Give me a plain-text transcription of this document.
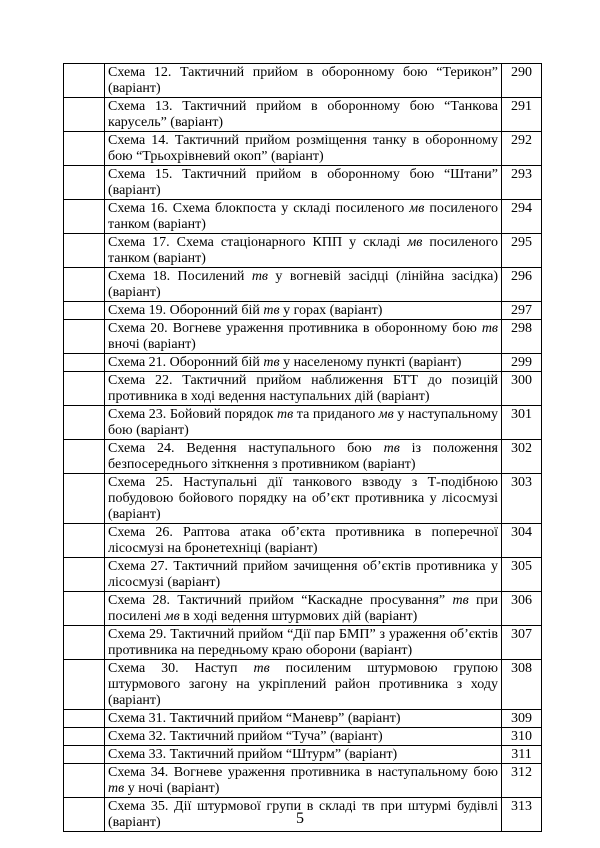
	Схема 12. Тактичний прийом в оборонному бою “Терикон” (варіант)	290
	Схема 13. Тактичний прийом в оборонному бою “Танкова карусель” (варіант)	291
	Схема 14. Тактичний прийом розміщення танку в оборонному бою “Трьохрівневий окоп” (варіант)	292
	Схема 15. Тактичний прийом в оборонному бою “Штани” (варіант)	293
	Схема 16. Схема блокпоста у складі посиленого мв посиленого танком (варіант)	294
	Схема 17. Схема стаціонарного КПП у складі мв посиленого танком (варіант)	295
	Схема 18. Посилений тв у вогневій засідці (лінійна засідка) (варіант)	296
	Схема 19. Оборонний бій тв у горах (варіант)	297
	Схема 20. Вогневе ураження противника в оборонному бою тв вночі (варіант)	298
	Схема 21. Оборонний бій тв у населеному пункті (варіант)	299
	Схема 22. Тактичний прийом наближення БТТ до позицій противника в ході ведення наступальних дій (варіант)	300
	Схема 23. Бойовий порядок тв та приданого мв у наступальному бою (варіант)	301
	Схема 24. Ведення наступального бою тв із положення безпосереднього зіткнення з противником (варіант)	302
	Схема 25. Наступальні дії танкового взводу з Т-подібною побудовою бойового порядку на об’єкт противника у лісосмузі (варіант)	303
	Схема 26. Раптова атака об’єкта противника в поперечної лісосмузі на бронетехніці (варіант)	304
	Схема 27. Тактичний прийом зачищення об’єктів противника у лісосмузі (варіант)	305
	Схема 28. Тактичний прийом “Каскадне просування” тв при посилені мв в ході ведення штурмових дій (варіант)	306
	Схема 29. Тактичний прийом “Дії пар БМП” з ураження об’єктів противника на передньому краю оборони (варіант)	307
	Схема 30. Наступ тв посиленим штурмовою групою штурмового загону на укріплений район противника з ходу (варіант)	308
	Схема 31. Тактичний прийом “Маневр” (варіант)	309
	Схема 32. Тактичний прийом “Туча” (варіант)	310
	Схема 33. Тактичний прийом “Штурм” (варіант)	311
	Схема 34. Вогневе ураження противника в наступальному бою тв у ночі (варіант)	312
	Схема 35. Дії штурмової групи в складі тв при штурмі будівлі (варіант)	313
5
